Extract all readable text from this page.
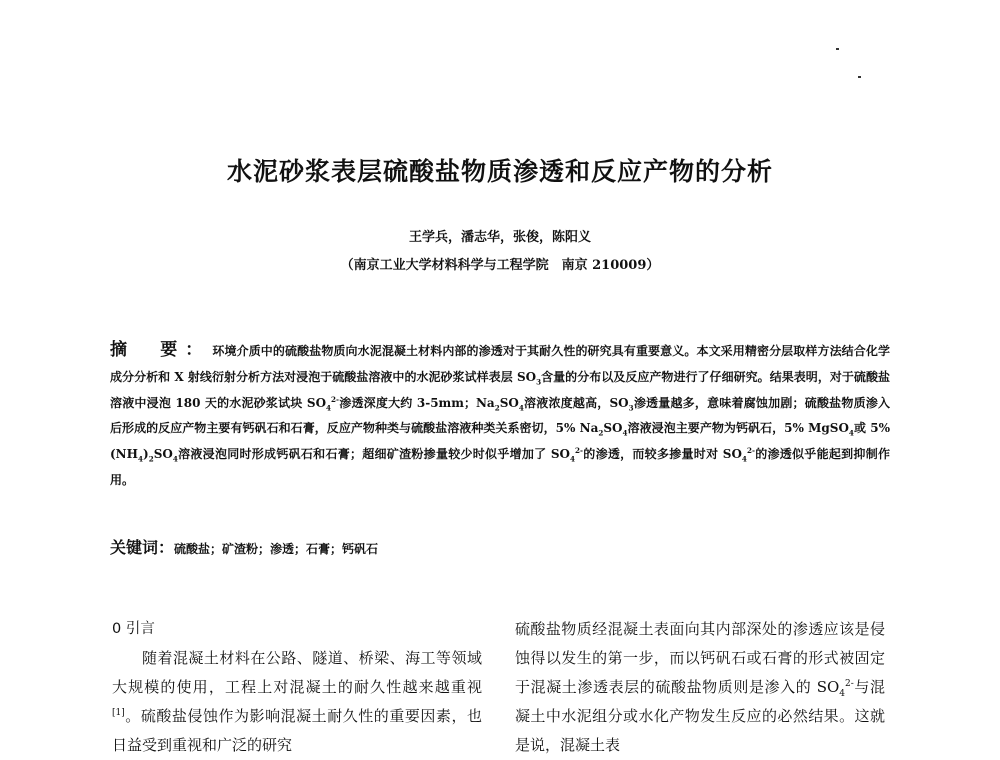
水泥砂浆表层硫酸盐物质渗透和反应产物的分析
王学兵，潘志华，张俊，陈阳义
（南京工业大学材料科学与工程学院　南京 210009）
摘　要： 环境介质中的硫酸盐物质向水泥混凝土材料内部的渗透对于其耐久性的研究具有重要意义。本文采用精密分层取样方法结合化学成分分析和 X 射线衍射分析方法对浸泡于硫酸盐溶液中的水泥砂浆试样表层 $SO_3$含量的分布以及反应产物进行了仔细研究。结果表明，对于硫酸盐溶液中浸泡 180 天的水泥砂浆试块 $SO_4^{2-}$渗透深度大约 3-5mm；$Na_2SO_4$溶液浓度越高，$SO_3$渗透量越多，意味着腐蚀加剧；硫酸盐物质渗入后形成的反应产物主要有钙矾石和石膏，反应产物种类与硫酸盐溶液种类关系密切，5% $Na_2SO_4$溶液浸泡主要产物为钙矾石，5% MgSO$_4$或 5% $(NH_4)_2SO_4$溶液浸泡同时形成钙矾石和石膏；超细矿渣粉掺量较少时似乎增加了 $SO_4^{2-}$的渗透，而较多掺量时对 $SO_4^{2-}$的渗透似乎能起到抑制作用。
关键词：硫酸盐；矿渣粉；渗透；石膏；钙矾石
0 引言
随着混凝土材料在公路、隧道、桥梁、海工等领域大规模的使用，工程上对混凝土的耐久性越来越重视[1]。硫酸盐侵蚀作为影响混凝土耐久性的重要因素，也日益受到重视和广泛的研究
硫酸盐物质经混凝土表面向其内部深处的渗透应该是侵蚀得以发生的第一步，而以钙矾石或石膏的形式被固定于混凝土渗透表层的硫酸盐物质则是渗入的 $SO_4^{2-}$与混凝土中水泥组分或水化产物发生反应的必然结果。这就是说，混凝土表
